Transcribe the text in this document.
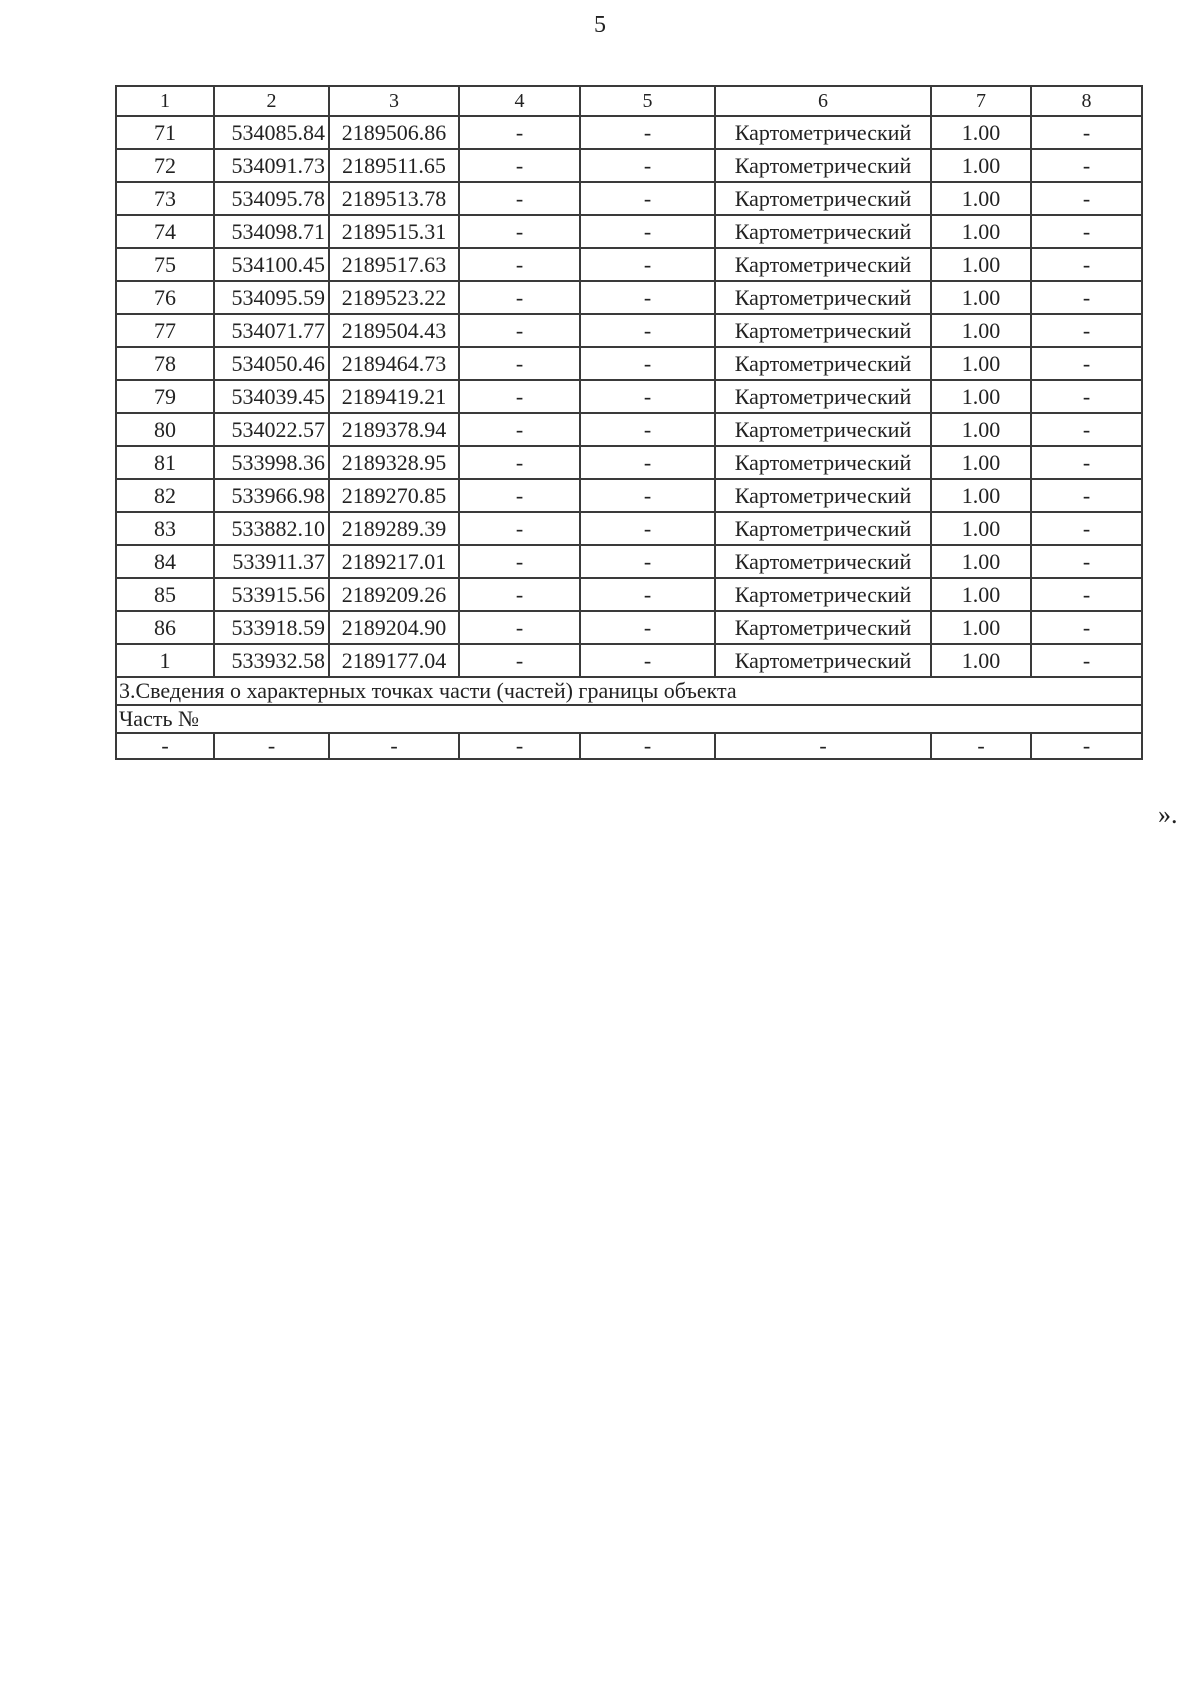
5
1	2	3	4	5	6	7	8
71	534085.84	2189506.86	-	-	Картометрический	1.00	-
72	534091.73	2189511.65	-	-	Картометрический	1.00	-
73	534095.78	2189513.78	-	-	Картометрический	1.00	-
74	534098.71	2189515.31	-	-	Картометрический	1.00	-
75	534100.45	2189517.63	-	-	Картометрический	1.00	-
76	534095.59	2189523.22	-	-	Картометрический	1.00	-
77	534071.77	2189504.43	-	-	Картометрический	1.00	-
78	534050.46	2189464.73	-	-	Картометрический	1.00	-
79	534039.45	2189419.21	-	-	Картометрический	1.00	-
80	534022.57	2189378.94	-	-	Картометрический	1.00	-
81	533998.36	2189328.95	-	-	Картометрический	1.00	-
82	533966.98	2189270.85	-	-	Картометрический	1.00	-
83	533882.10	2189289.39	-	-	Картометрический	1.00	-
84	533911.37	2189217.01	-	-	Картометрический	1.00	-
85	533915.56	2189209.26	-	-	Картометрический	1.00	-
86	533918.59	2189204.90	-	-	Картометрический	1.00	-
1	533932.58	2189177.04	-	-	Картометрический	1.00	-
3.Сведения о характерных точках части (частей) границы объекта							
Часть №							
-	-	-	-	-	-	-	-
».
